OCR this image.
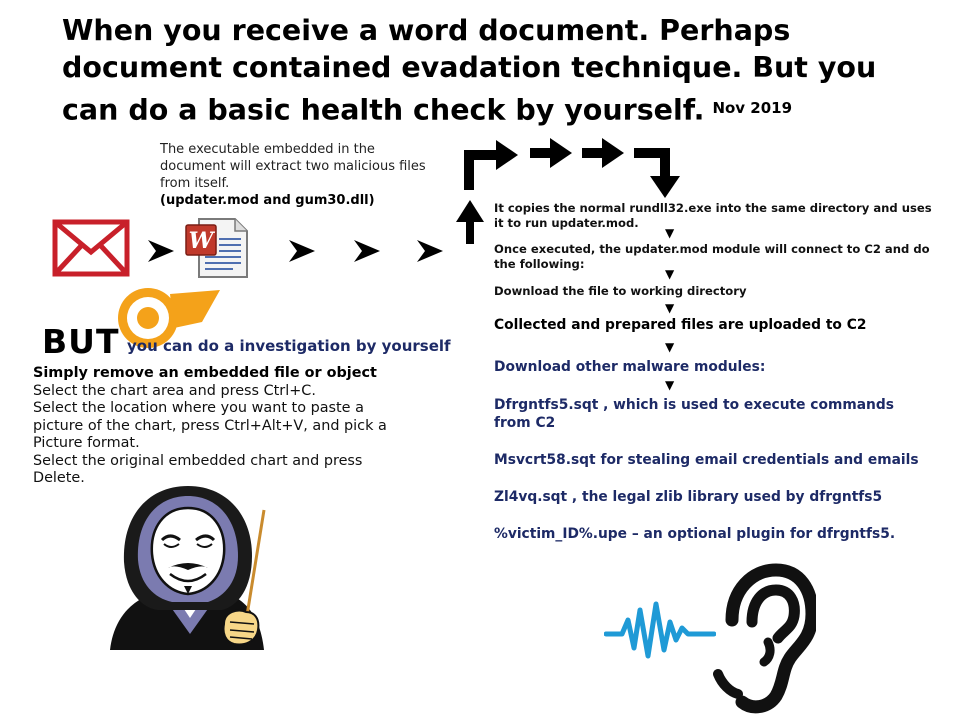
When you receive a word document. Perhaps
document contained evadation technique. But you
can do a basic health check by yourself. $^{Nov 2019}$
The executable embedded in the
document will extract two malicious files
from itself.
(updater.mod and gum30.dll)
W
It copies the normal rundll32.exe into the same directory and uses
it to run updater.mod.
▼
Once executed, the updater.mod module will connect to C2 and do
the following:
▼
Download the file to working directory
▼
Collected and prepared files are uploaded to C2
▼
Download other malware modules:
▼
Dfrgntfs5.sqt , which is used to execute commands
from C2
Msvcrt58.sqt for stealing email credentials and emails
Zl4vq.sqt , the legal zlib library used by dfrgntfs5
%victim_ID%.upe – an optional plugin for dfrgntfs5.
BUT you can do a investigation by yourself
Simply remove an embedded file or object
Select the chart area and press Ctrl+C.
Select the location where you want to paste a
picture of the chart, press Ctrl+Alt+V, and pick a
Picture format.
Select the original embedded chart and press
Delete.
